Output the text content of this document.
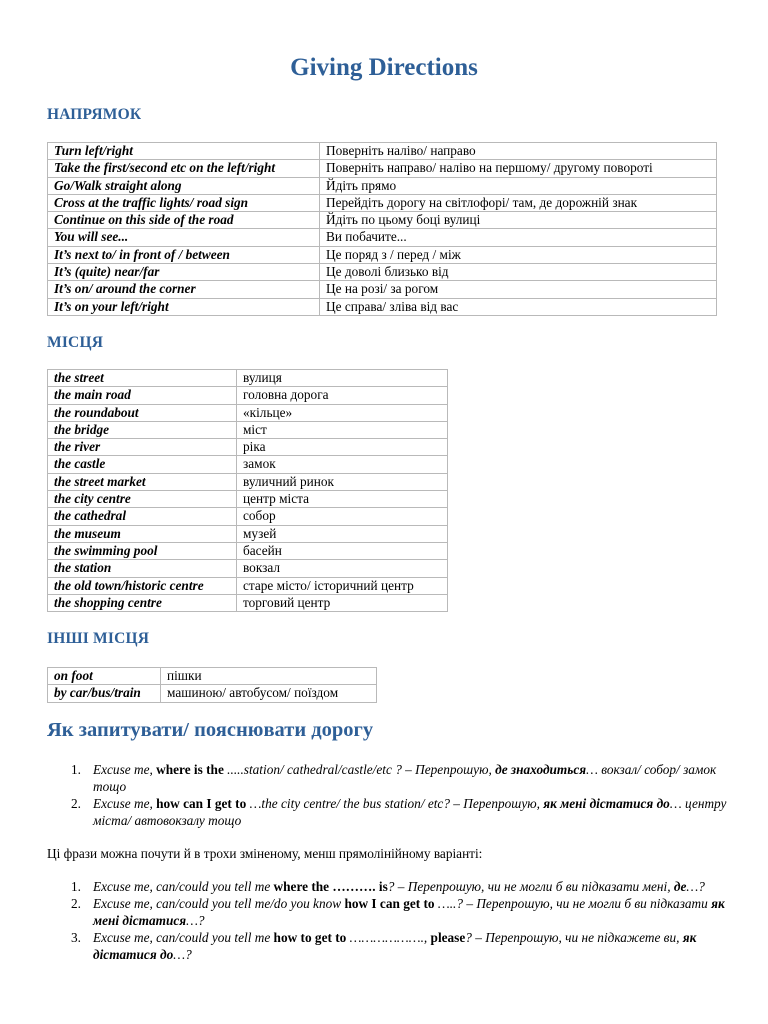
Giving Directions
НАПРЯМОК
Turn left/right	Поверніть наліво/ направо
Take the first/second etc on the left/right	Поверніть направо/ наліво на першому/ другому повороті
Go/Walk straight along	Йдіть прямо
Cross at the traffic lights/ road sign	Перейдіть дорогу на світлофорі/ там, де дорожній знак
Continue on this side of the road	Йдіть по цьому боці вулиці
You will see...	Ви побачите...
It’s next to/ in front of / between	Це поряд з / перед / між
It’s (quite) near/far	Це доволі близько від
It’s on/ around the corner	Це на розі/ за рогом
It’s on your left/right	Це справа/ зліва від вас
МІСЦЯ
the street	вулиця
the main road	головна дорога
the roundabout	«кільце»
the bridge	міст
the river	ріка
the castle	замок
the street market	вуличний ринок
the city centre	центр міста
the cathedral	собор
the museum	музей
the swimming pool	басейн
the station	вокзал
the old town/historic centre	старе місто/ історичний центр
the shopping centre	торговий центр
ІНШІ МІСЦЯ
on foot	пішки
by car/bus/train	машиною/ автобусом/ поїздом
Як запитувати/ пояснювати дорогу
1. Excuse me, where is the .....station/ cathedral/castle/etc ? – Перепрошую, де знаходиться… вокзал/ собор/ замок тощо
2. Excuse me, how can I get to …the city centre/ the bus station/ etc? – Перепрошую, як мені дістатися до… центру міста/ автовокзалу тощо
Ці фрази можна почути й в трохи зміненому, менш прямолінійному варіанті:
1. Excuse me, can/could you tell me where the ………. is? – Перепрошую, чи не могли б ви підказати мені, де…?
2. Excuse me, can/could you tell me/do you know how I can get to …..? – Перепрошую, чи не могли б ви підказати як мені дістатися…?
3. Excuse me, can/could you tell me how to get to ………………., please? – Перепрошую, чи не підкажете ви, як дістатися до…?
